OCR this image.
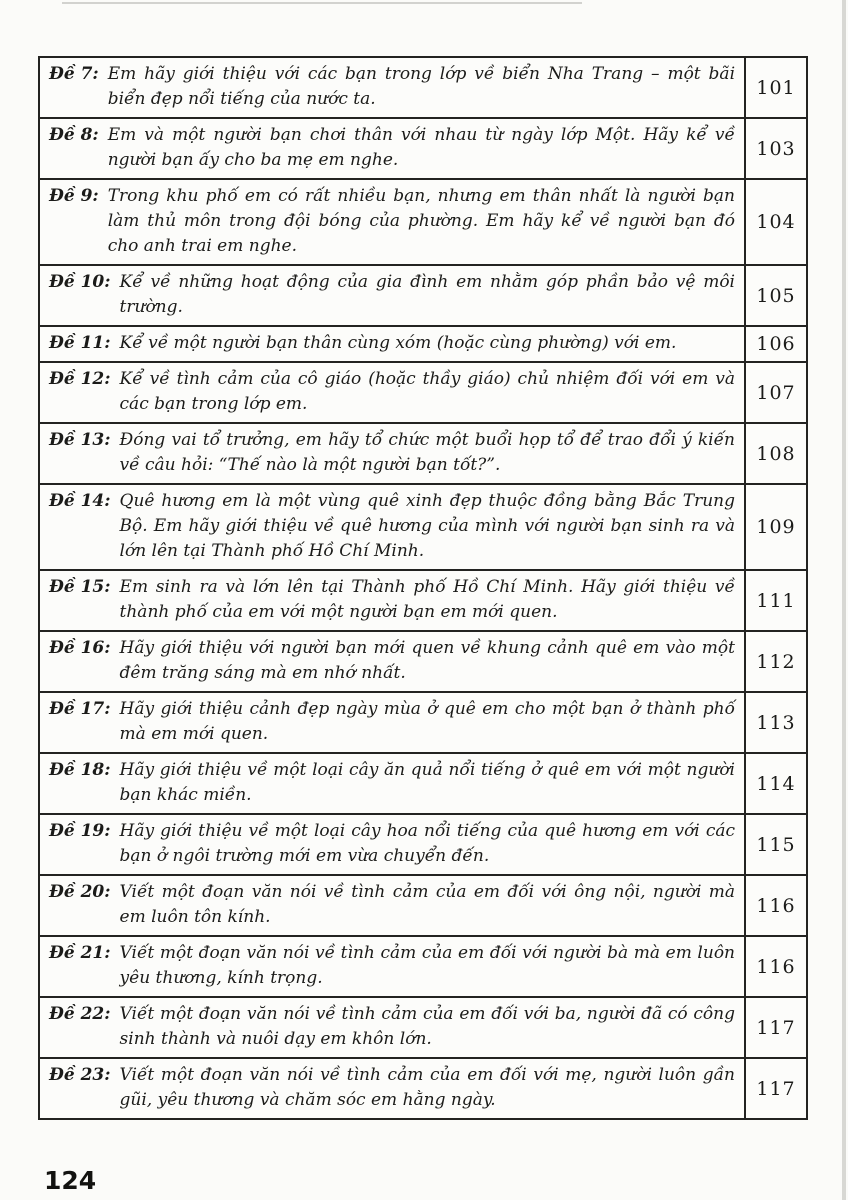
Đề 7: Em hãy giới thiệu với các bạn trong lớp về biển Nha Trang – một bãi biển đẹp nổi tiếng của nước ta.
101
Đề 8: Em và một người bạn chơi thân với nhau từ ngày lớp Một. Hãy kể về người bạn ấy cho ba mẹ em nghe.
103
Đề 9: Trong khu phố em có rất nhiều bạn, nhưng em thân nhất là người bạn làm thủ môn trong đội bóng của phường. Em hãy kể về người bạn đó cho anh trai em nghe.
104
Đề 10: Kể về những hoạt động của gia đình em nhằm góp phần bảo vệ môi trường.
105
Đề 11: Kể về một người bạn thân cùng xóm (hoặc cùng phường) với em.	106
Đề 12: Kể về tình cảm của cô giáo (hoặc thầy giáo) chủ nhiệm đối với em và các bạn trong lớp em.
107
Đề 13: Đóng vai tổ trưởng, em hãy tổ chức một buổi họp tổ để trao đổi ý kiến về câu hỏi: “Thế nào là một người bạn tốt?”.
108
Đề 14: Quê hương em là một vùng quê xinh đẹp thuộc đồng bằng Bắc Trung Bộ. Em hãy giới thiệu về quê hương của mình với người bạn sinh ra và lớn lên tại Thành phố Hồ Chí Minh.
109
Đề 15: Em sinh ra và lớn lên tại Thành phố Hồ Chí Minh. Hãy giới thiệu về thành phố của em với một người bạn em mới quen.
111
Đề 16: Hãy giới thiệu với người bạn mới quen về khung cảnh quê em vào một đêm trăng sáng mà em nhớ nhất.
112
Đề 17: Hãy giới thiệu cảnh đẹp ngày mùa ở quê em cho một bạn ở thành phố mà em mới quen.
113
Đề 18: Hãy giới thiệu về một loại cây ăn quả nổi tiếng ở quê em với một người bạn khác miền.
114
Đề 19: Hãy giới thiệu về một loại cây hoa nổi tiếng của quê hương em với các bạn ở ngôi trường mới em vừa chuyển đến.
115
Đề 20: Viết một đoạn văn nói về tình cảm của em đối với ông nội, người mà em luôn tôn kính.
116
Đề 21: Viết một đoạn văn nói về tình cảm của em đối với người bà mà em luôn yêu thương, kính trọng.
116
Đề 22: Viết một đoạn văn nói về tình cảm của em đối với ba, người đã có công sinh thành và nuôi dạy em khôn lớn.
117
Đề 23: Viết một đoạn văn nói về tình cảm của em đối với mẹ, người luôn gần gũi, yêu thương và chăm sóc em hằng ngày.
117
124
